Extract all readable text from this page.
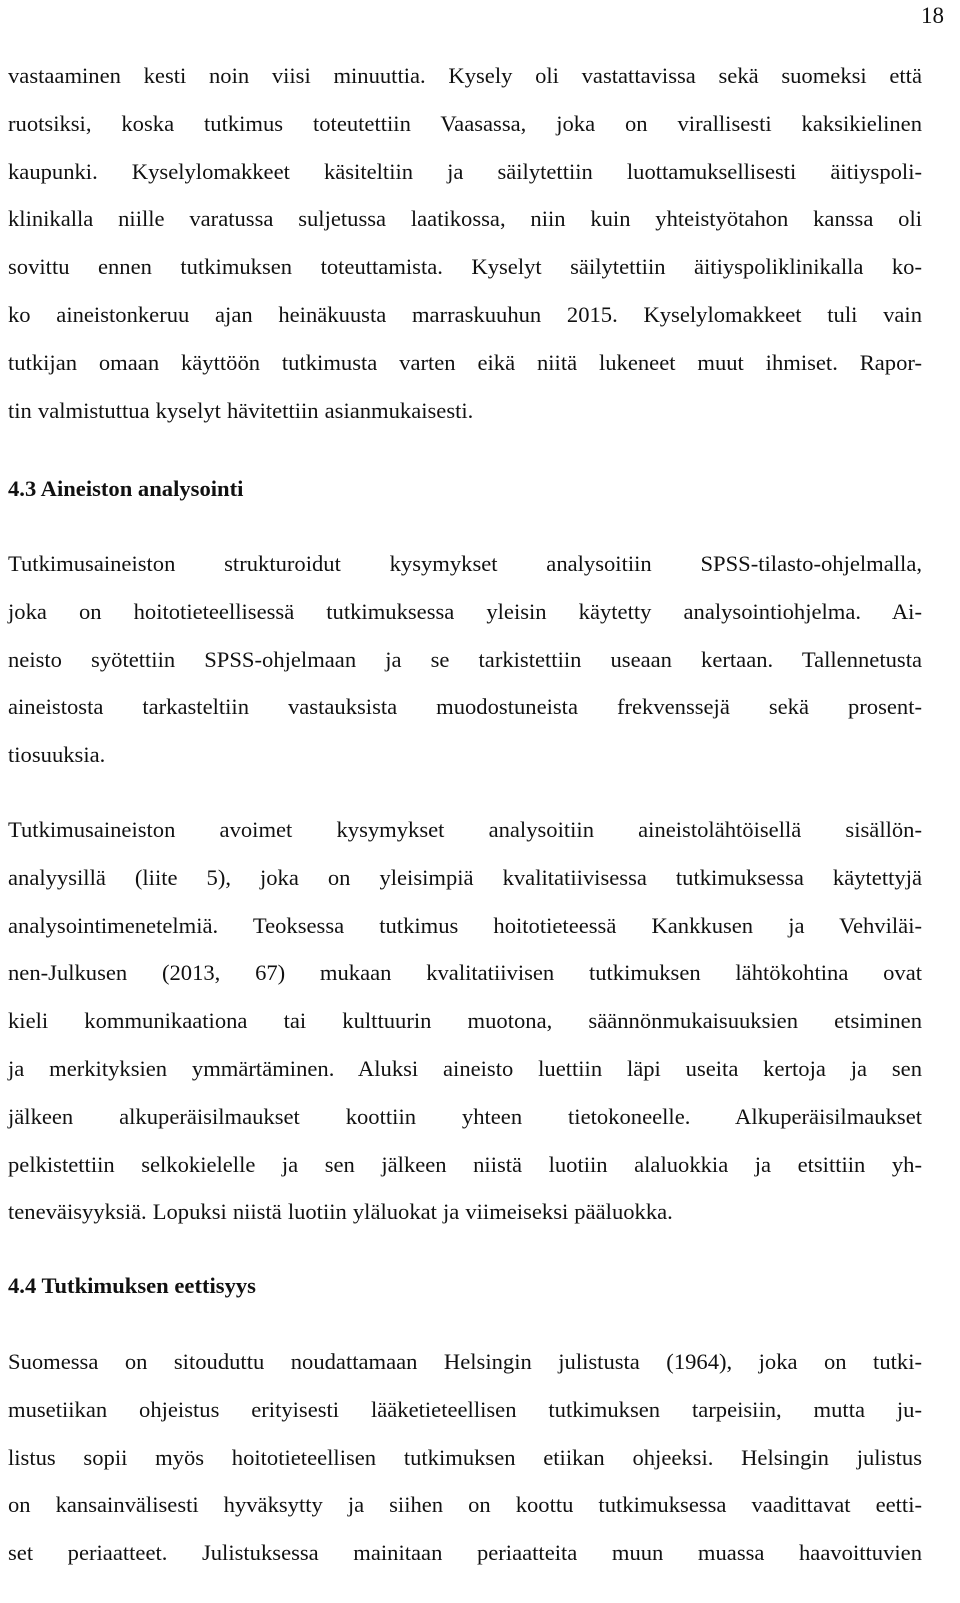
18
vastaaminen kesti noin viisi minuuttia. Kysely oli vastattavissa sekä suomeksi että
ruotsiksi, koska tutkimus toteutettiin Vaasassa, joka on virallisesti kaksikielinen
kaupunki. Kyselylomakkeet käsiteltiin ja säilytettiin luottamuksellisesti äitiyspoli-
klinikalla niille varatussa suljetussa laatikossa, niin kuin yhteistyötahon kanssa oli
sovittu ennen tutkimuksen toteuttamista. Kyselyt säilytettiin äitiyspoliklinikalla ko-
ko aineistonkeruu ajan heinäkuusta marraskuuhun 2015. Kyselylomakkeet tuli vain
tutkijan omaan käyttöön tutkimusta varten eikä niitä lukeneet muut ihmiset. Rapor-
tin valmistuttua kyselyt hävitettiin asianmukaisesti.
4.3 Aineiston analysointi
Tutkimusaineiston strukturoidut kysymykset analysoitiin SPSS-tilasto-ohjelmalla,
joka on hoitotieteellisessä tutkimuksessa yleisin käytetty analysointiohjelma. Ai-
neisto syötettiin SPSS-ohjelmaan ja se tarkistettiin useaan kertaan. Tallennetusta
aineistosta tarkasteltiin vastauksista muodostuneista frekvenssejä sekä prosent-
tiosuuksia.
Tutkimusaineiston avoimet kysymykset analysoitiin aineistolähtöisellä sisällön-
analyysillä (liite 5), joka on yleisimpiä kvalitatiivisessa tutkimuksessa käytettyjä
analysointimenetelmiä. Teoksessa tutkimus hoitotieteessä Kankkusen ja Vehviläi-
nen-Julkusen (2013, 67) mukaan kvalitatiivisen tutkimuksen lähtökohtina ovat
kieli kommunikaationa tai kulttuurin muotona, säännönmukaisuuksien etsiminen
ja merkityksien ymmärtäminen. Aluksi aineisto luettiin läpi useita kertoja ja sen
jälkeen alkuperäisilmaukset koottiin yhteen tietokoneelle. Alkuperäisilmaukset
pelkistettiin selkokielelle ja sen jälkeen niistä luotiin alaluokkia ja etsittiin yh-
teneväisyyksiä. Lopuksi niistä luotiin yläluokat ja viimeiseksi pääluokka.
4.4 Tutkimuksen eettisyys
Suomessa on sitouduttu noudattamaan Helsingin julistusta (1964), joka on tutki-
musetiikan ohjeistus erityisesti lääketieteellisen tutkimuksen tarpeisiin, mutta ju-
listus sopii myös hoitotieteellisen tutkimuksen etiikan ohjeeksi. Helsingin julistus
on kansainvälisesti hyväksytty ja siihen on koottu tutkimuksessa vaadittavat eetti-
set periaatteet. Julistuksessa mainitaan periaatteita muun muassa haavoittuvien
